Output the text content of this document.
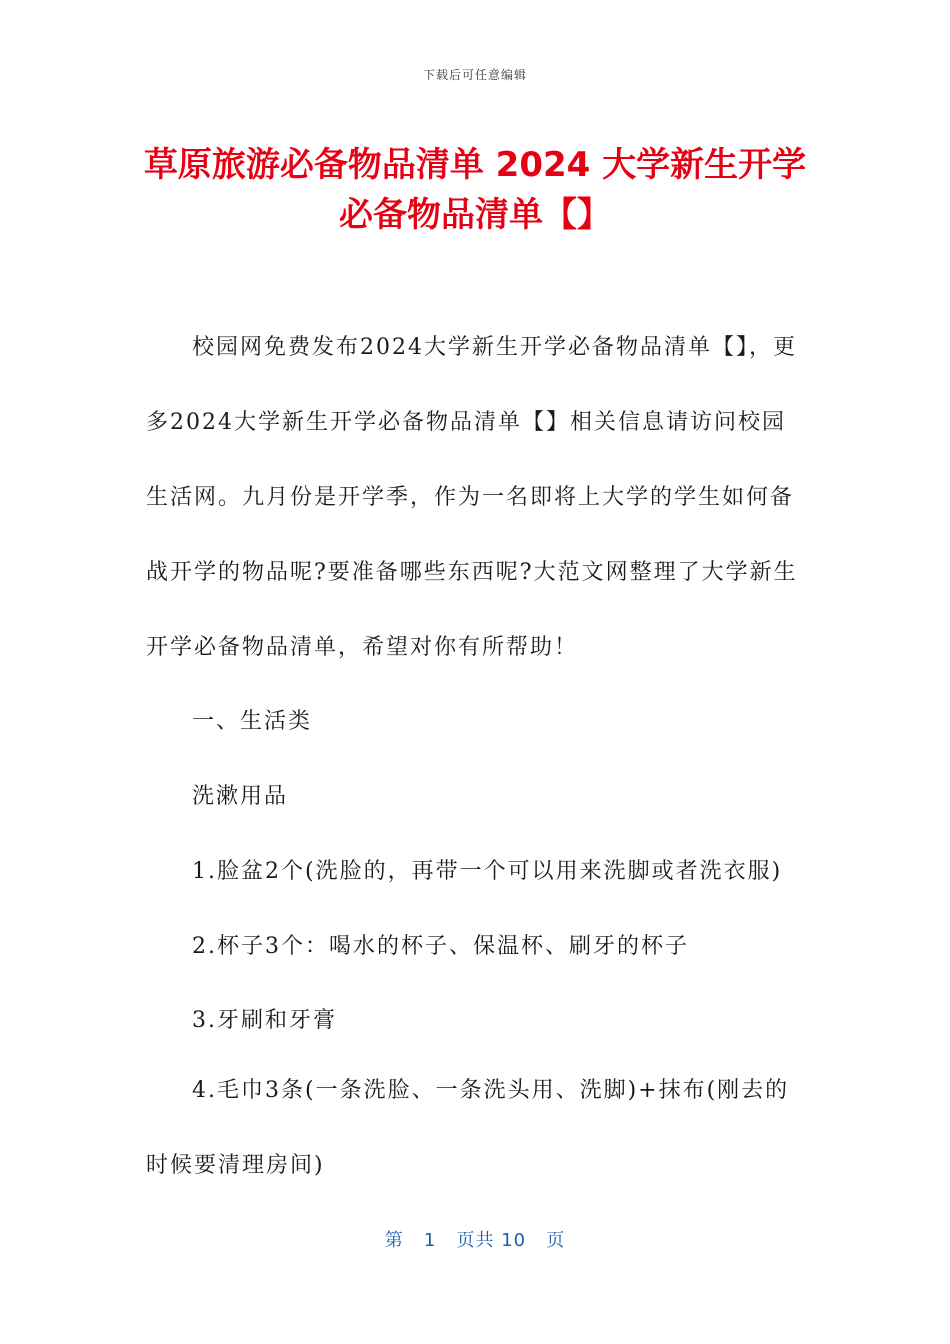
下载后可任意编辑
草原旅游必备物品清单 2024 大学新生开学必备物品清单【】

校园网免费发布2024大学新生开学必备物品清单【】，更多2024大学新生开学必备物品清单【】相关信息请访问校园生活网。九月份是开学季，作为一名即将上大学的学生如何备战开学的物品呢?要准备哪些东西呢?大范文网整理了大学新生开学必备物品清单，希望对你有所帮助！

一、生活类
洗漱用品
1.脸盆2个(洗脸的，再带一个可以用来洗脚或者洗衣服)
2.杯子3个：喝水的杯子、保温杯、刷牙的杯子
3.牙刷和牙膏

4.毛巾3条(一条洗脸、一条洗头用、洗脚)+抹布(刚去的时候要清理房间)

第 1 页共 10 页
